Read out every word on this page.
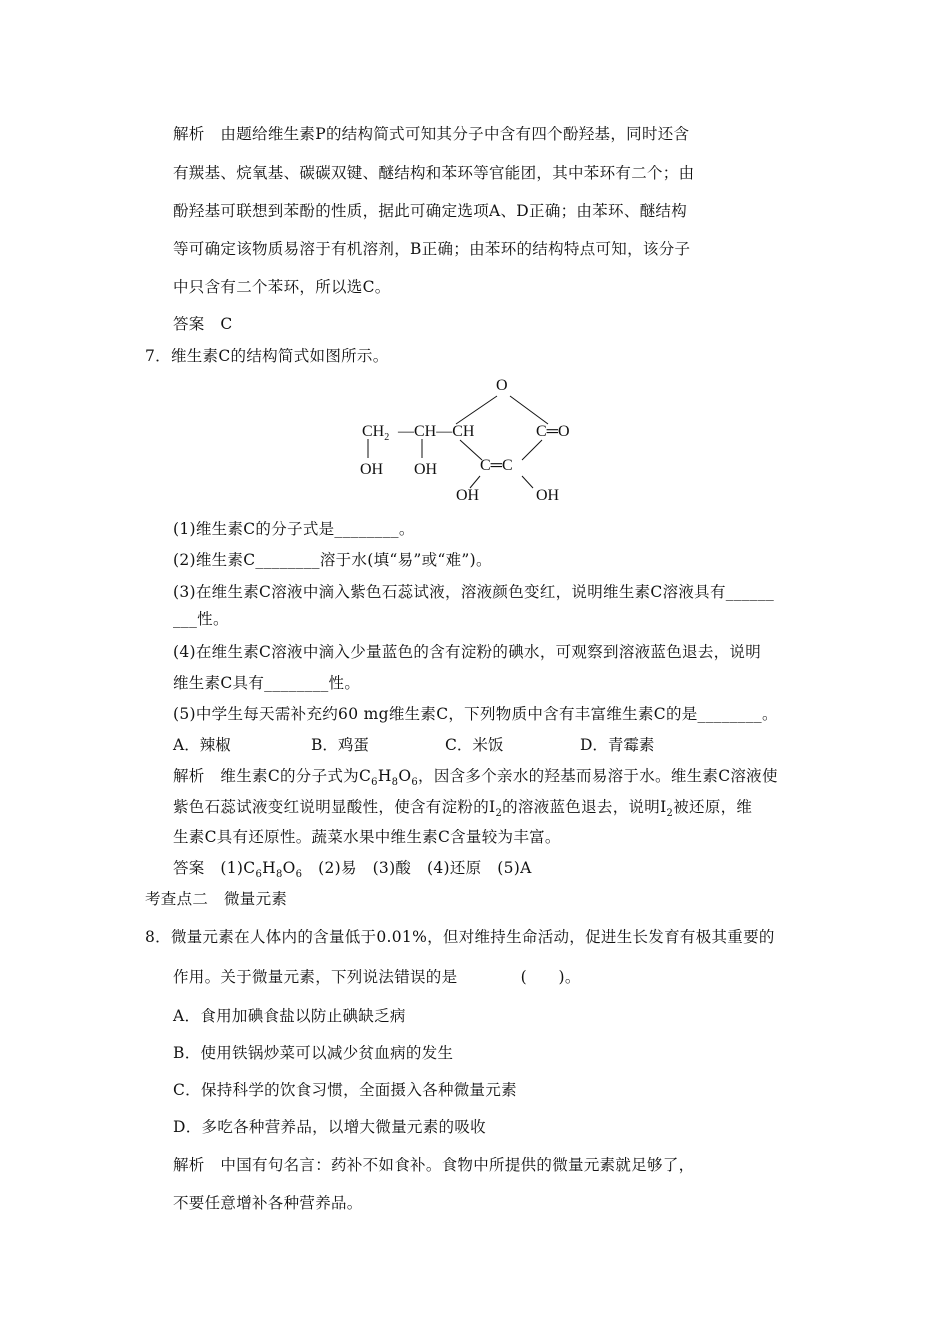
解析　 由题给维生素P的结构简式可知其分子中含有四个酚羟基，同时还含
有羰基、烷氧基、碳碳双键、醚结构和苯环等官能团，其中苯环有二个；由
酚羟基可联想到苯酚的性质，据此可确定选项A、D正确；由苯环、醚结构
等可确定该物质易溶于有机溶剂，B正确；由苯环的结构特点可知，该分子
中只含有二个苯环，所以选C。
答案　 C
7．维生素C的结构简式如图所示。
O
$CH_2$ —CH—CH	C═O
OH OH	C═C
OH	OH
(1)维生素C的分子式是________。
(2)维生素C________溶于水(填“易”或“难”)。
(3)在维生素C溶液中滴入紫色石蕊试液，溶液颜色变红，说明维生素C溶液具有______
___性。
(4)在维生素C溶液中滴入少量蓝色的含有淀粉的碘水，可观察到溶液蓝色退去，说明
维生素C具有________性。
(5)中学生每天需补充约60 mg维生素C，下列物质中含有丰富维生素C的是________。
A．辣椒	B．鸡蛋	C．米饭	D．青霉素
解析　 维生素C的分子式为$C_6H_8O_6$，因含多个亲水的羟基而易溶于水。维生素C溶液使
紫色石蕊试液变红说明显酸性，使含有淀粉的$I_2$的溶液蓝色退去，说明$I_2$被还原，维
生素C具有还原性。蔬菜水果中维生素C含量较为丰富。
答案　 $(1)C_6H_8O_6$　 (2)易　(3)酸　(4)还原　(5)A
考查点二　微量元素
8．微量元素在人体内的含量低于0.01%，但对维持生命活动，促进生长发育有极其重要的
作用。关于微量元素，下列说法错误的是　　　　(　　)。
A．食用加碘食盐以防止碘缺乏病
B．使用铁锅炒菜可以减少贫血病的发生
C．保持科学的饮食习惯，全面摄入各种微量元素
D．多吃各种营养品，以增大微量元素的吸收
解析　 中国有句名言：药补不如食补。食物中所提供的微量元素就足够了，
不要任意增补各种营养品。
